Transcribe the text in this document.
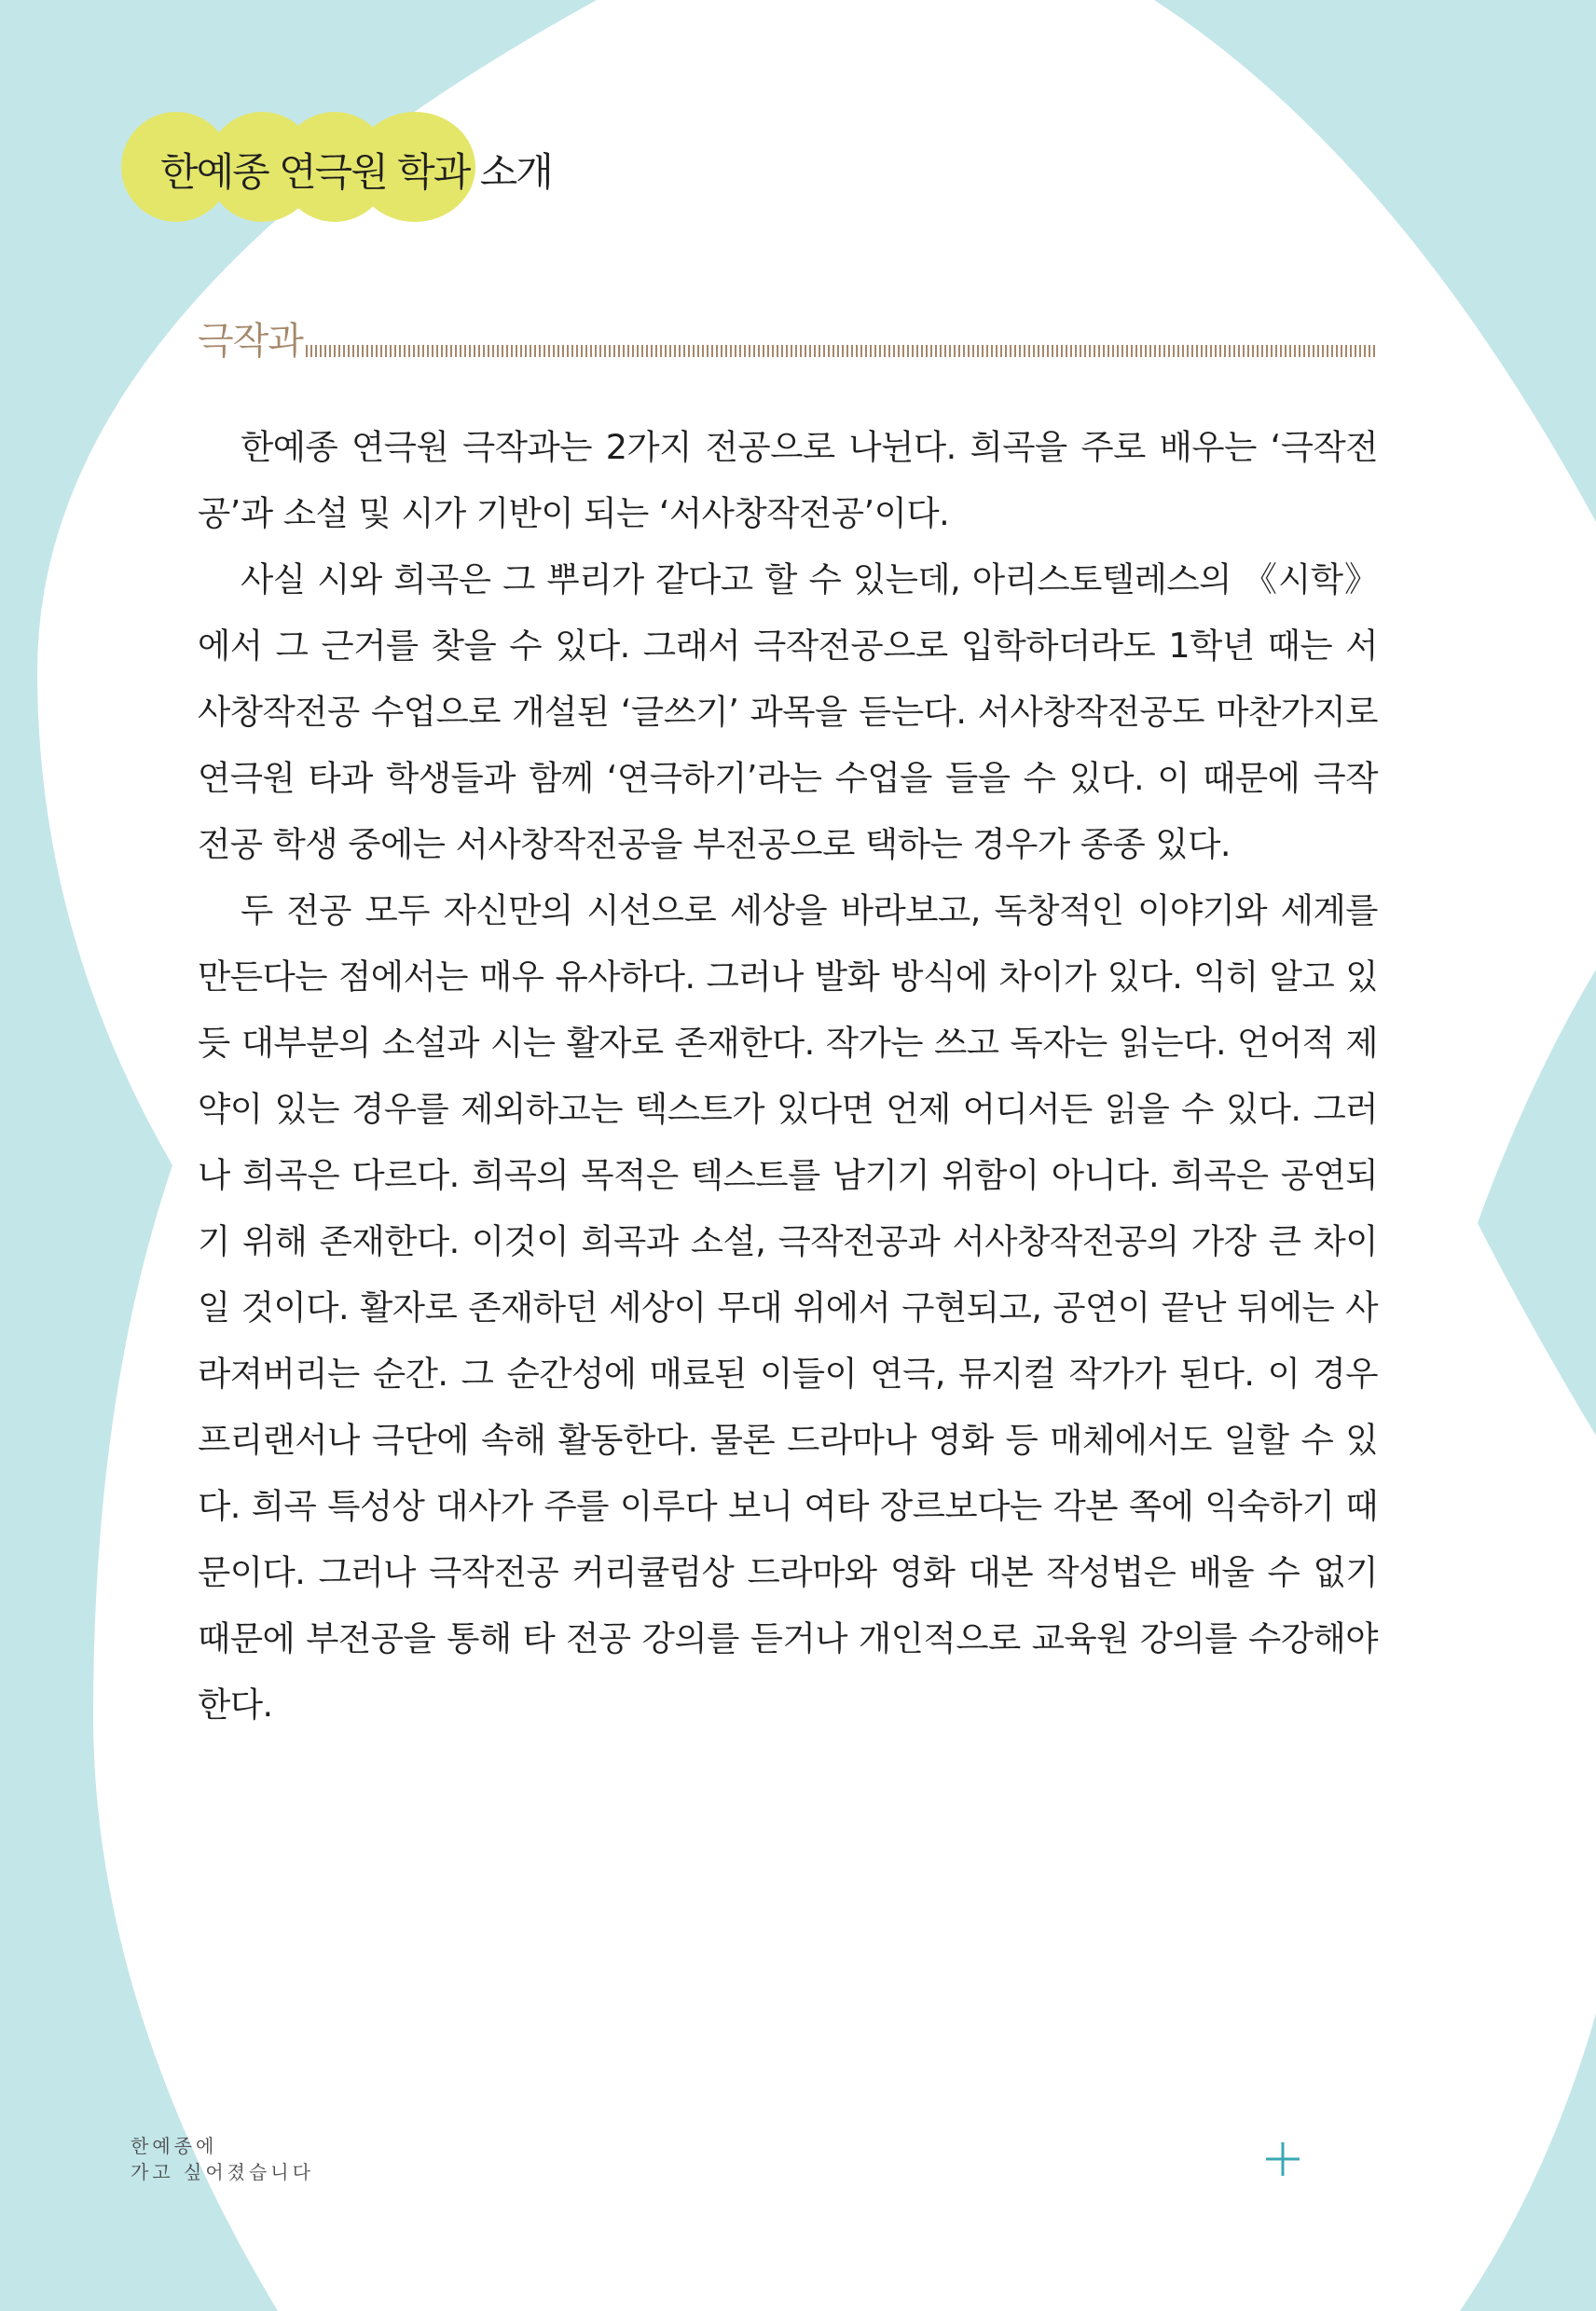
한예종 연극원 학과 소개
극작과

한예종 연극원 극작과는 2가지 전공으로 나뉜다. 희곡을 주로 배우는 ‘극작전공’과 소설 및 시가 기반이 되는 ‘서사창작전공’이다.

사실 시와 희곡은 그 뿌리가 같다고 할 수 있는데, 아리스토텔레스의 《시학》에서 그 근거를 찾을 수 있다. 그래서 극작전공으로 입학하더라도 1학년 때는 서사창작전공 수업으로 개설된 ‘글쓰기’ 과목을 듣는다. 서사창작전공도 마찬가지로 연극원 타과 학생들과 함께 ‘연극하기’라는 수업을 들을 수 있다. 이 때문에 극작전공 학생 중에는 서사창작전공을 부전공으로 택하는 경우가 종종 있다.

두 전공 모두 자신만의 시선으로 세상을 바라보고, 독창적인 이야기와 세계를 만든다는 점에서는 매우 유사하다. 그러나 발화 방식에 차이가 있다. 익히 알고 있듯 대부분의 소설과 시는 활자로 존재한다. 작가는 쓰고 독자는 읽는다. 언어적 제약이 있는 경우를 제외하고는 텍스트가 있다면 언제 어디서든 읽을 수 있다. 그러나 희곡은 다르다. 희곡의 목적은 텍스트를 남기기 위함이 아니다. 희곡은 공연되기 위해 존재한다. 이것이 희곡과 소설, 극작전공과 서사창작전공의 가장 큰 차이일 것이다. 활자로 존재하던 세상이 무대 위에서 구현되고, 공연이 끝난 뒤에는 사라져버리는 순간. 그 순간성에 매료된 이들이 연극, 뮤지컬 작가가 된다. 이 경우 프리랜서나 극단에 속해 활동한다. 물론 드라마나 영화 등 매체에서도 일할 수 있다. 희곡 특성상 대사가 주를 이루다 보니 여타 장르보다는 각본 쪽에 익숙하기 때문이다. 그러나 극작전공 커리큘럼상 드라마와 영화 대본 작성법은 배울 수 없기 때문에 부전공을 통해 타 전공 강의를 듣거나 개인적으로 교육원 강의를 수강해야 한다.

한예종에
가고 싶어졌습니다
